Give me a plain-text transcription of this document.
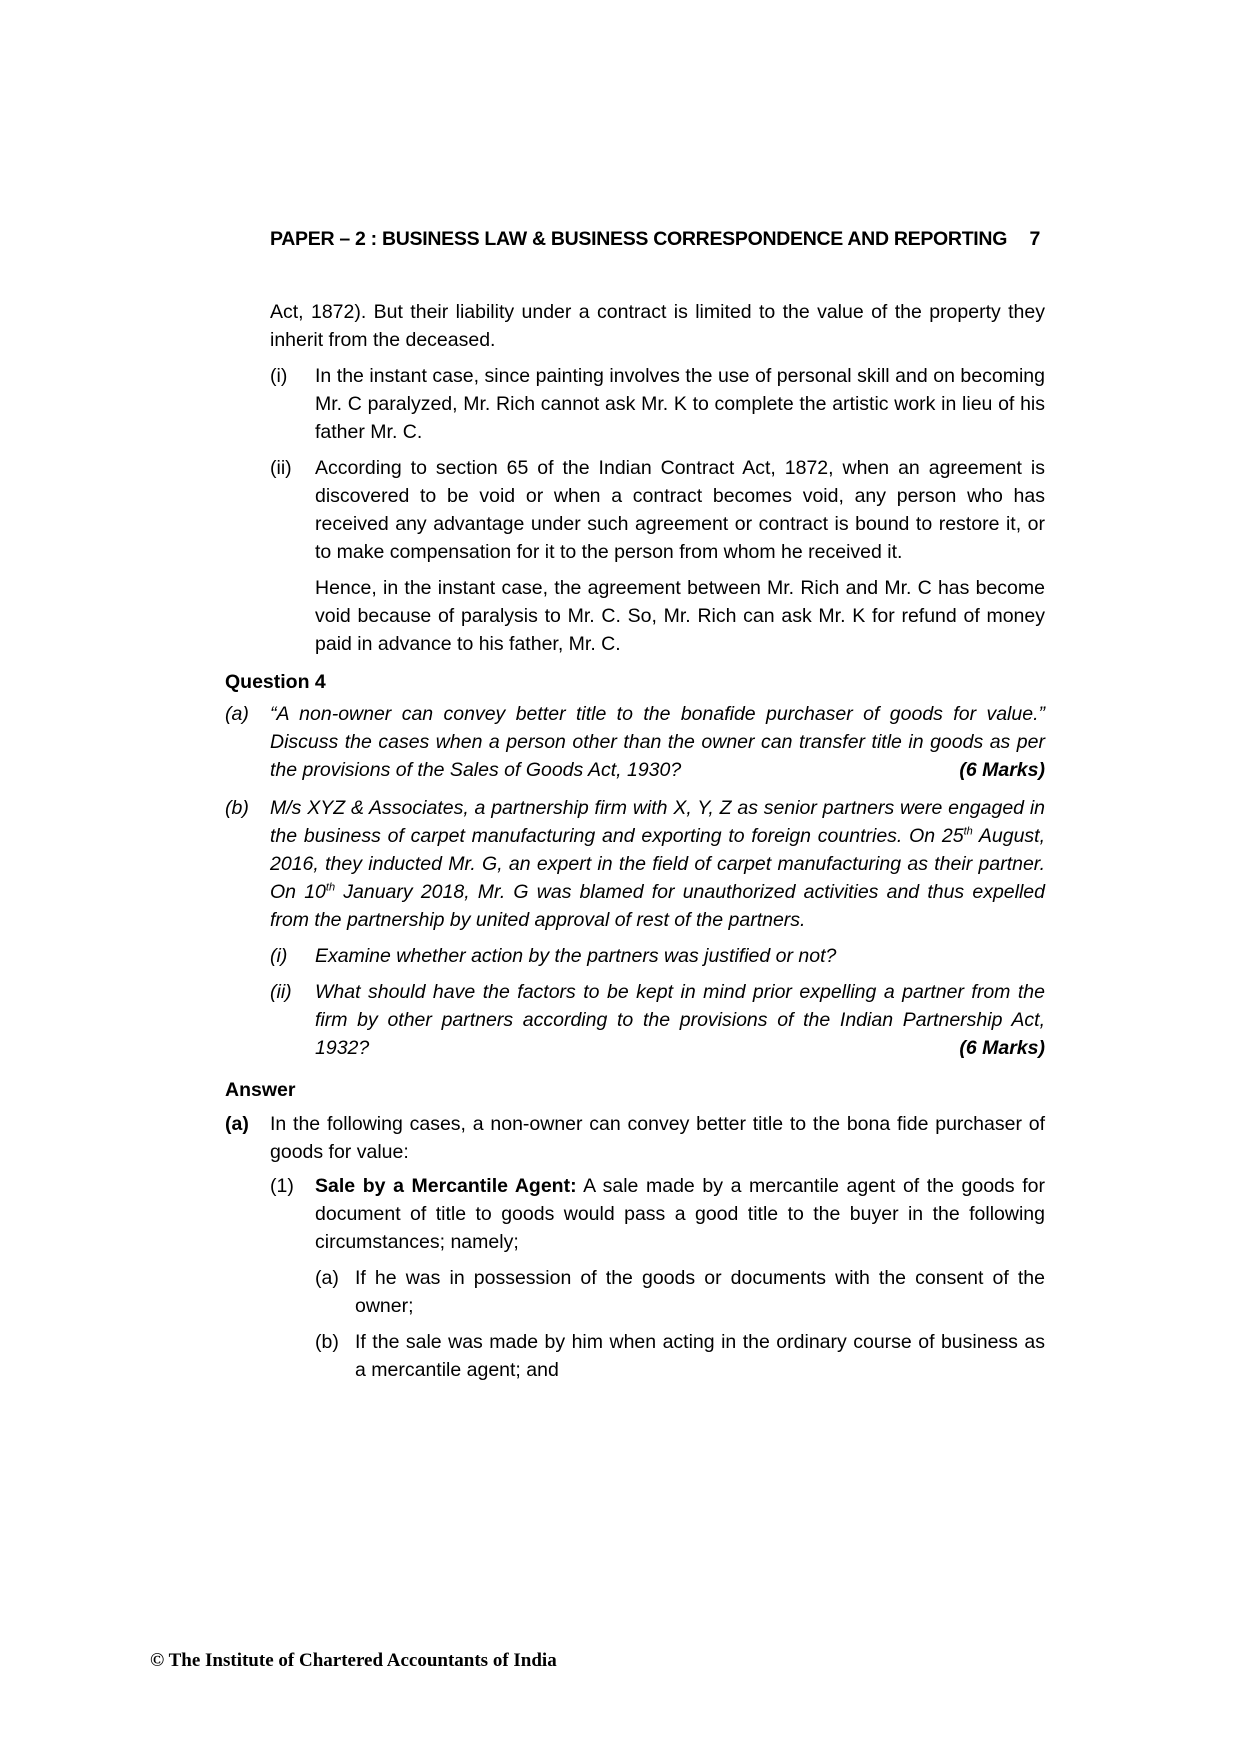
PAPER – 2 : BUSINESS LAW & BUSINESS CORRESPONDENCE AND REPORTING 7

Act, 1872). But their liability under a contract is limited to the value of the property they inherit from the deceased.

(i)	In the instant case, since painting involves the use of personal skill and on becoming Mr. C paralyzed, Mr. Rich cannot ask Mr. K to complete the artistic work in lieu of his father Mr. C.
(ii)	According to section 65 of the Indian Contract Act, 1872, when an agreement is discovered to be void or when a contract becomes void, any person who has received any advantage under such agreement or contract is bound to restore it, or to make compensation for it to the person from whom he received it.

Hence, in the instant case, the agreement between Mr. Rich and Mr. C has become void because of paralysis to Mr. C. So, Mr. Rich can ask Mr. K for refund of money paid in advance to his father, Mr. C.

Question 4

(a)	“A non-owner can convey better title to the bonafide purchaser of goods for value.” Discuss the cases when a person other than the owner can transfer title in goods as per the provisions of the Sales of Goods Act, 1930?	(6 Marks)
(b)	M/s XYZ & Associates, a partnership firm with X, Y, Z as senior partners were engaged in the business of carpet manufacturing and exporting to foreign countries. On 25th August, 2016, they inducted Mr. G, an expert in the field of carpet manufacturing as their partner. On 10th January 2018, Mr. G was blamed for unauthorized activities and thus expelled from the partnership by united approval of rest of the partners.
(i)	Examine whether action by the partners was justified or not?
(ii)	What should have the factors to be kept in mind prior expelling a partner from the firm by other partners according to the provisions of the Indian Partnership Act, 1932?	(6 Marks)

Answer

(a)	In the following cases, a non-owner can convey better title to the bona fide purchaser of goods for value:
(1)	Sale by a Mercantile Agent: A sale made by a mercantile agent of the goods for document of title to goods would pass a good title to the buyer in the following circumstances; namely;
(a) If he was in possession of the goods or documents with the consent of the owner;
(b) If the sale was made by him when acting in the ordinary course of business as a mercantile agent; and
© The Institute of Chartered Accountants of India
